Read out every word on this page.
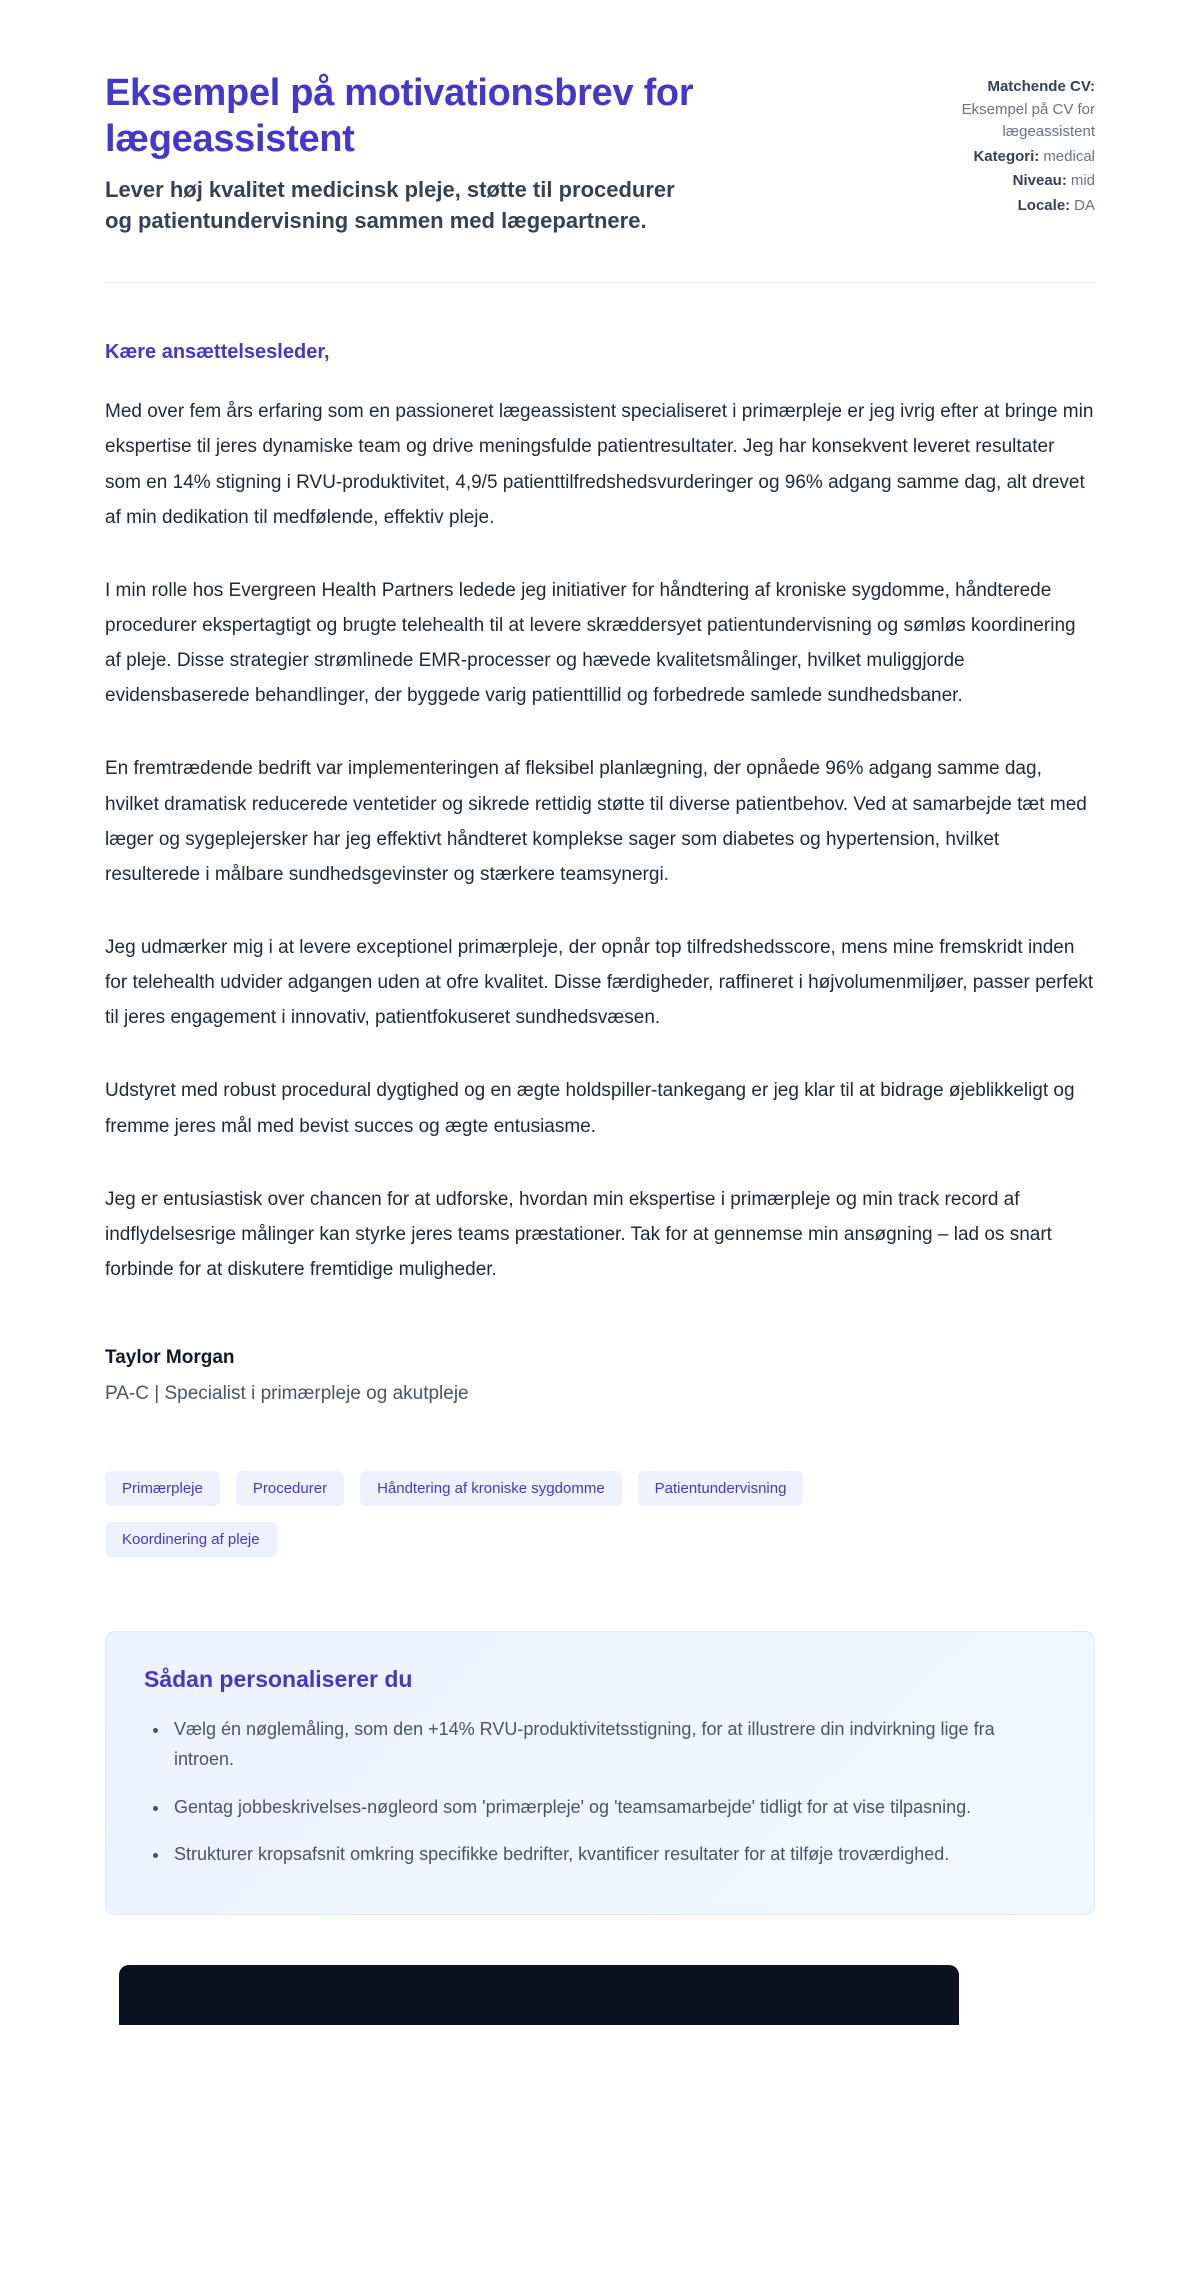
Eksempel på motivationsbrev for lægeassistent
Lever høj kvalitet medicinsk pleje, støtte til procedurer og patientundervisning sammen med lægepartnere.
Matchende CV:
Eksempel på CV for lægeassistent
Kategori: medical
Niveau: mid
Locale: DA

Kære ansættelsesleder,

Med over fem års erfaring som en passioneret lægeassistent specialiseret i primærpleje er jeg ivrig efter at bringe min ekspertise til jeres dynamiske team og drive meningsfulde patientresultater. Jeg har konsekvent leveret resultater som en 14% stigning i RVU-produktivitet, 4,9/5 patienttilfredshedsvurderinger og 96% adgang samme dag, alt drevet af min dedikation til medfølende, effektiv pleje.

I min rolle hos Evergreen Health Partners ledede jeg initiativer for håndtering af kroniske sygdomme, håndterede procedurer ekspertagtigt og brugte telehealth til at levere skræddersyet patientundervisning og sømløs koordinering af pleje. Disse strategier strømlinede EMR-processer og hævede kvalitetsmålinger, hvilket muliggjorde evidensbaserede behandlinger, der byggede varig patienttillid og forbedrede samlede sundhedsbaner.

En fremtrædende bedrift var implementeringen af fleksibel planlægning, der opnåede 96% adgang samme dag, hvilket dramatisk reducerede ventetider og sikrede rettidig støtte til diverse patientbehov. Ved at samarbejde tæt med læger og sygeplejersker har jeg effektivt håndteret komplekse sager som diabetes og hypertension, hvilket resulterede i målbare sundhedsgevinster og stærkere teamsynergi.

Jeg udmærker mig i at levere exceptionel primærpleje, der opnår top tilfredshedsscore, mens mine fremskridt inden for telehealth udvider adgangen uden at ofre kvalitet. Disse færdigheder, raffineret i højvolumenmiljøer, passer perfekt til jeres engagement i innovativ, patientfokuseret sundhedsvæsen.

Udstyret med robust procedural dygtighed og en ægte holdspiller-tankegang er jeg klar til at bidrage øjeblikkeligt og fremme jeres mål med bevist succes og ægte entusiasme.

Jeg er entusiastisk over chancen for at udforske, hvordan min ekspertise i primærpleje og min track record af indflydelsesrige målinger kan styrke jeres teams præstationer. Tak for at gennemse min ansøgning – lad os snart forbinde for at diskutere fremtidige muligheder.

Taylor Morgan
PA-C | Specialist i primærpleje og akutpleje
Primærpleje	Procedurer	Håndtering af kroniske sygdomme	Patientundervisning
Koordinering af pleje
Sådan personaliserer du
• Vælg én nøglemåling, som den +14% RVU-produktivitetsstigning, for at illustrere din indvirkning lige fra introen.
• Gentag jobbeskrivelses-nøgleord som 'primærpleje' og 'teamsamarbejde' tidligt for at vise tilpasning.
• Strukturer kropsafsnit omkring specifikke bedrifter, kvantificer resultater for at tilføje troværdighed.
